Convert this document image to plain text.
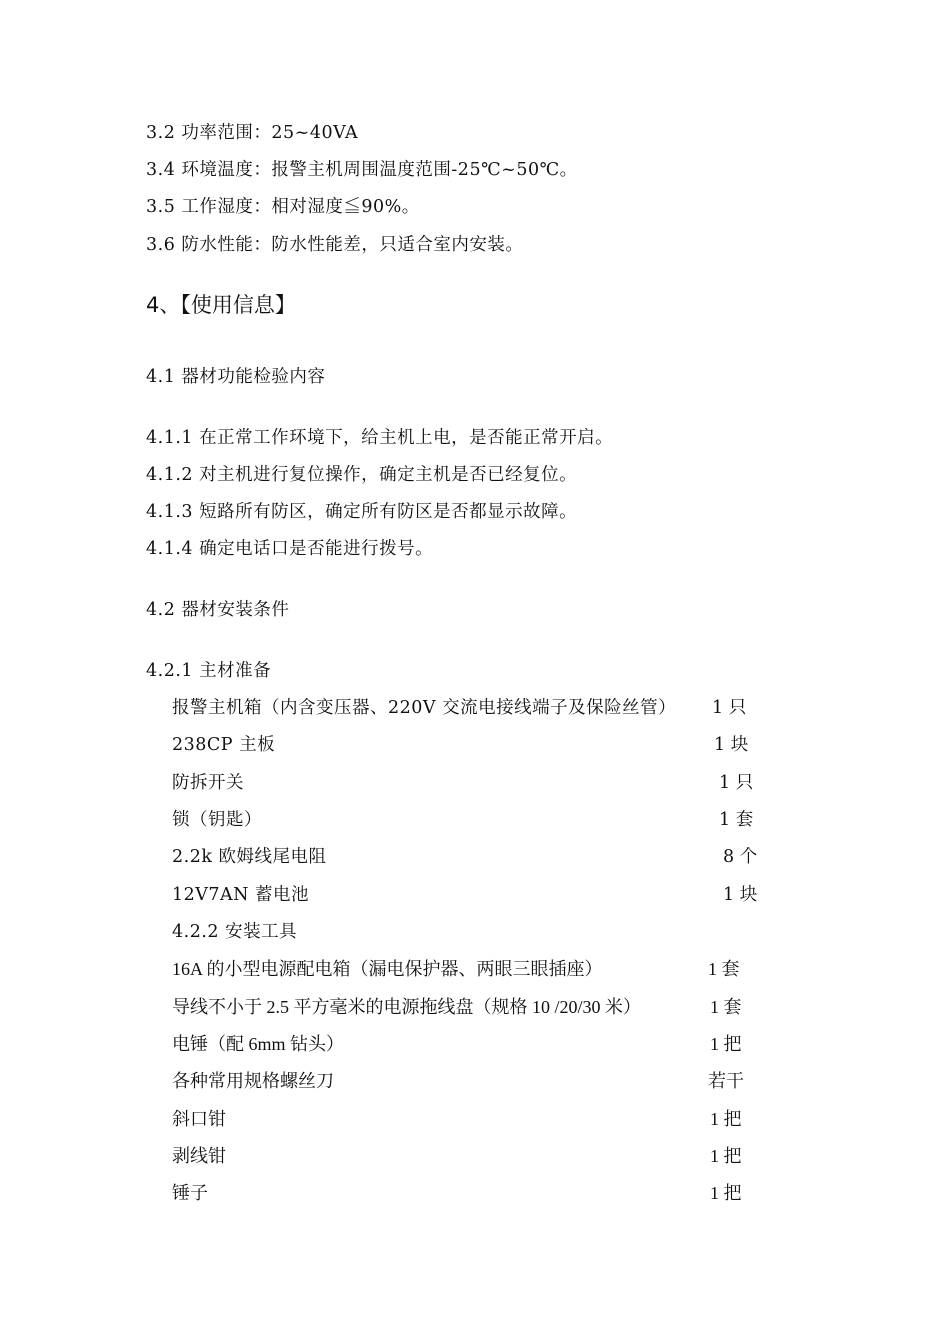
3.2 功率范围：25~40VA
3.4 环境温度：报警主机周围温度范围-25℃~50℃。
3.5 工作湿度：相对湿度≦90%。
3.6 防水性能：防水性能差，只适合室内安装。
4、【使用信息】
4.1 器材功能检验内容
4.1.1 在正常工作环境下，给主机上电，是否能正常开启。
4.1.2 对主机进行复位操作，确定主机是否已经复位。
4.1.3 短路所有防区，确定所有防区是否都显示故障。
4.1.4 确定电话口是否能进行拨号。
4.2 器材安装条件
4.2.1 主材准备
报警主机箱（内含变压器、220V 交流电接线端子及保险丝管） 1 只
238CP 主板	1 块
防拆开关	1 只
锁（钥匙）	1 套
2.2k 欧姆线尾电阻	8 个
12V7AN 蓄电池	1 块
4.2.2 安装工具
16A 的小型电源配电箱（漏电保护器、两眼三眼插座）	1 套
导线不小于 2.5 平方毫米的电源拖线盘（规格 10 /20/30 米）	1 套
电锤（配 6mm 钻头）	1 把
各种常用规格螺丝刀	若干
斜口钳	1 把
剥线钳	1 把
锤子	1 把
